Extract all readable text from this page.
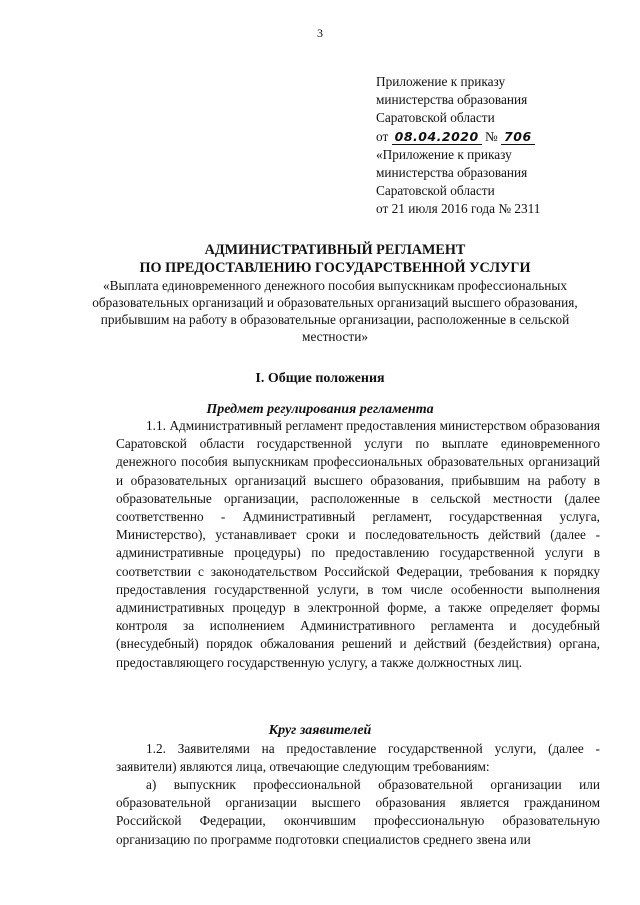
3
Приложение к приказу
министерства образования
Саратовской области
от 08.04.2020 № 706
«Приложение к приказу
министерства образования
Саратовской области
от 21 июля 2016 года № 2311
АДМИНИСТРАТИВНЫЙ РЕГЛАМЕНТ
ПО ПРЕДОСТАВЛЕНИЮ ГОСУДАРСТВЕННОЙ УСЛУГИ
«Выплата единовременного денежного пособия выпускникам профессиональных образовательных организаций и образовательных организаций высшего образования, прибывшим на работу в образовательные организации, расположенные в сельской местности»
I. Общие положения
Предмет регулирования регламента

1.1. Административный регламент предоставления министерством образования Саратовской области государственной услуги по выплате единовременного денежного пособия выпускникам профессиональных образовательных организаций и образовательных организаций высшего образования, прибывшим на работу в образовательные организации, расположенные в сельской местности (далее соответственно - Административный регламент, государственная услуга, Министерство), устанавливает сроки и последовательность действий (далее - административные процедуры) по предоставлению государственной услуги в соответствии с законодательством Российской Федерации, требования к порядку предоставления государственной услуги, в том числе особенности выполнения административных процедур в электронной форме, а также определяет формы контроля за исполнением Административного регламента и досудебный (внесудебный) порядок обжалования решений и действий (бездействия) органа, предоставляющего государственную услугу, а также должностных лиц.

Круг заявителей

1.2. Заявителями на предоставление государственной услуги, (далее - заявители) являются лица, отвечающие следующим требованиям:

а) выпускник профессиональной образовательной организации или образовательной организации высшего образования является гражданином Российской Федерации, окончившим профессиональную образовательную организацию по программе подготовки специалистов среднего звена или
